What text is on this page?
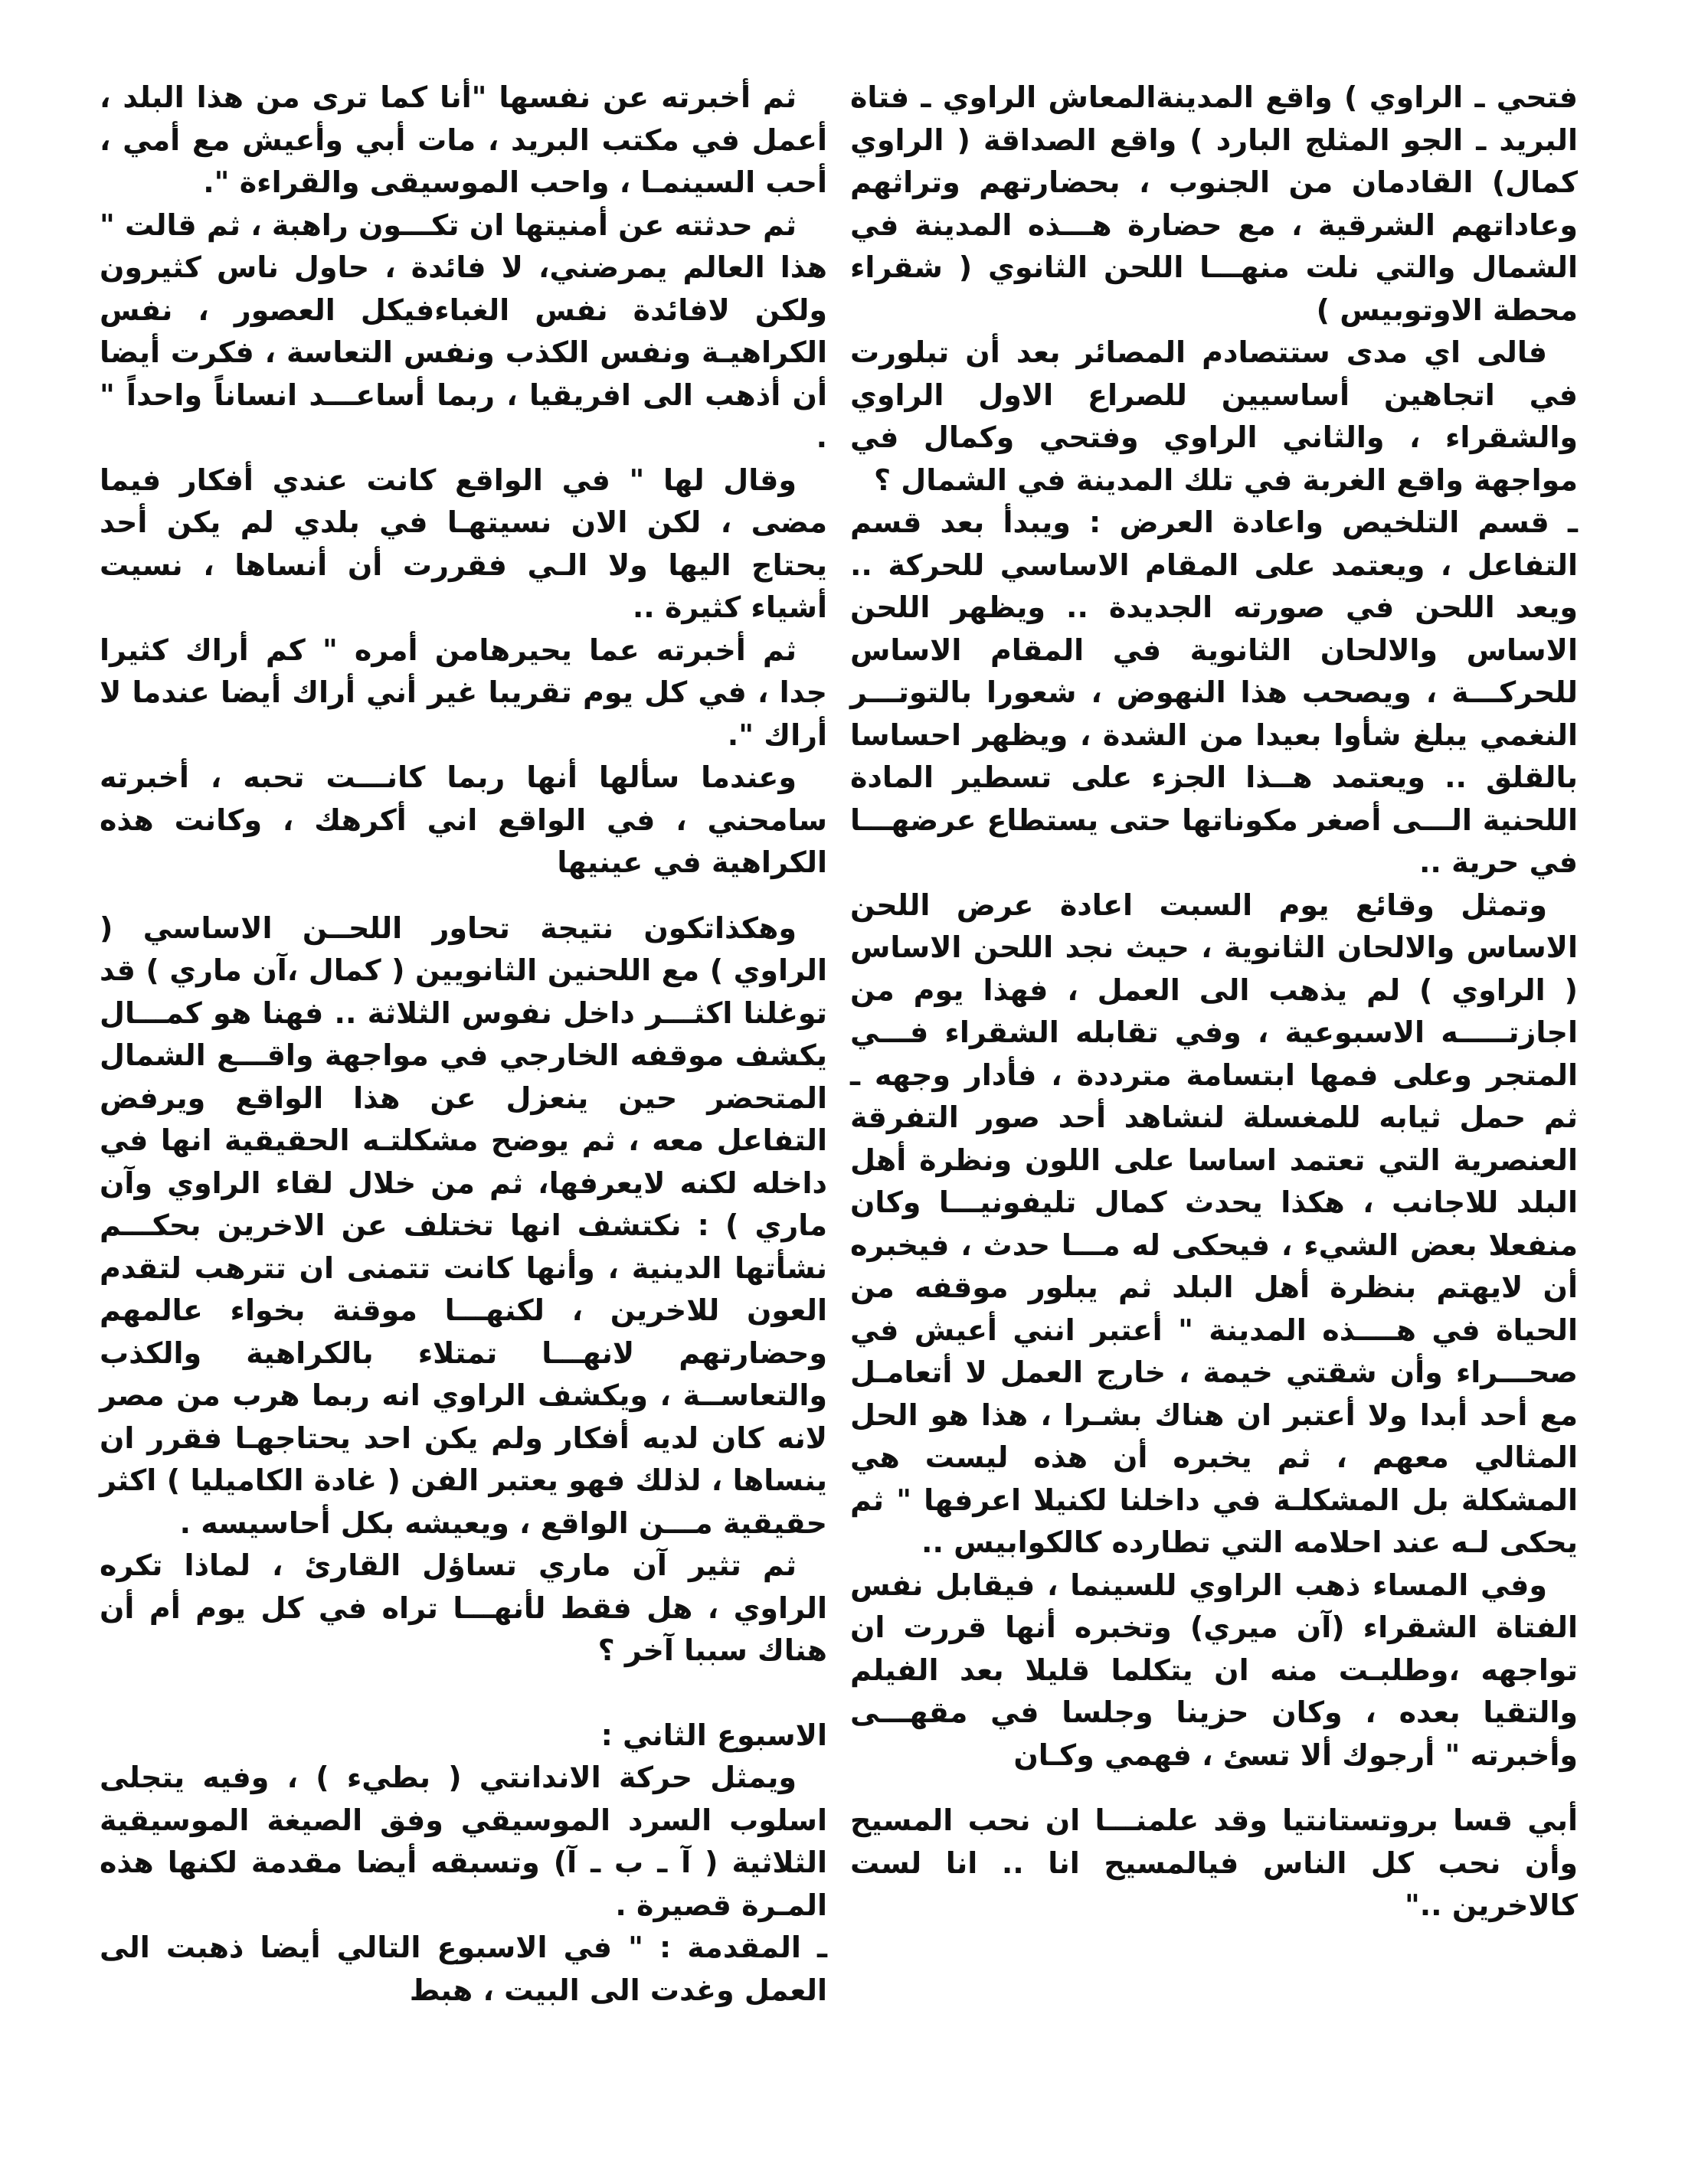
فتحي ـ الراوي ) واقع المدينةالمعاش الراوي ـ فتاة البريد ـ الجو المثلج البارد ) واقع الصداقة ( الراوي كمال) القادمان من الجنوب ، بحضارتهم وتراثهم وعاداتهم الشرقية ، مع حضارة هـــذه المدينة في الشمال والتي نلت منهـــا اللحن الثانوي ( شقراء محطة الاوتوبيس )

فالى اي مدى ستتصادم المصائر بعد أن تبلورت في اتجاهين أساسيين للصراع الاول الراوي والشقراء ، والثاني الراوي وفتحي وكمال في مواجهة واقع الغربة في تلك المدينة في الشمال ؟

ـ قسم التلخيص واعادة العرض : ويبدأ بعد قسم التفاعل ، ويعتمد على المقام الاساسي للحركة .. ويعد اللحن في صورته الجديدة .. ويظهر اللحن الاساس والالحان الثانوية في المقام الاساس للحركـــة ، ويصحب هذا النهوض ، شعورا بالتوتـــر النغمي يبلغ شأوا بعيدا من الشدة ، ويظهر احساسا بالقلق .. ويعتمد هــذا الجزء على تسطير المادة اللحنية الـــى أصغر مكوناتها حتى يستطاع عرضهـــا في حرية ..

وتمثل وقائع يوم السبت اعادة عرض اللحن الاساس والالحان الثانوية ، حيث نجد اللحن الاساس ( الراوي ) لم يذهب الى العمل ، فهذا يوم من اجازتـــــه الاسبوعية ، وفي تقابله الشقراء فـــي المتجر وعلى فمها ابتسامة مترددة ، فأدار وجهه ـ ثم حمل ثيابه للمغسلة لنشاهد أحد صور التفرقة العنصرية التي تعتمد اساسا على اللون ونظرة أهل البلد للاجانب ، هكذا يحدث كمال تليفونيـــا وكان منفعلا بعض الشيء ، فيحكى له مـــا حدث ، فيخبره أن لايهتم بنظرة أهل البلد ثم يبلور موقفه من الحياة في هــــذه المدينة " أعتبر انني أعيش في صحـــراء وأن شقتي خيمة ، خارج العمل لا أتعامـل مع أحد أبدا ولا أعتبر ان هناك بشـرا ، هذا هو الحل المثالي معهم ، ثم يخبره أن هذه ليست هي المشكلة بل المشكلـة في داخلنا لكنيلا اعرفها " ثم يحكى لـه عند احلامه التي تطارده كالكوابيس ..

وفي المساء ذهب الراوي للسينما ، فيقابل نفس الفتاة الشقراء (آن ميري) وتخبره أنها قررت ان تواجهه ،وطلبـت منه ان يتكلما قليلا بعد الفيلم والتقيا بعده ، وكان حزينا وجلسا في مقهـــى وأخبرته " أرجوك ألا تسئ ، فهمي وكـان

أبي قسا بروتستانتيا وقد علمنـــا ان نحب المسيح وأن نحب كل الناس فيالمسيح انا .. انا لست كالاخرين .."

ثم أخبرته عن نفسها "أنا كما ترى من هذا البلد ، أعمل في مكتب البريد ، مات أبي وأعيش مع أمي ، أحب السينمـا ، واحب الموسيقى والقراءة ".

ثم حدثته عن أمنيتها ان تكـــون راهبة ، ثم قالت " هذا العالم يمرضني، لا فائدة ، حاول ناس كثيرون ولكن لافائدة نفس الغباءفيكل العصور ، نفس الكراهيـة ونفس الكذب ونفس التعاسة ، فكرت أيضا أن أذهب الى افريقيا ، ربما أساعـــد انساناً واحداً " .

وقال لها " في الواقع كانت عندي أفكار فيما مضى ، لكن الان نسيتهـا في بلدي لم يكن أحد يحتاج اليها ولا الـي فقررت أن أنساها ، نسيت أشياء كثيرة ..

ثم أخبرته عما يحيرهامن أمره " كم أراك كثيرا جدا ، في كل يوم تقريبا غير أني أراك أيضا عندما لا أراك ".

وعندما سألها أنها ربما كانـــت تحبه ، أخبرته سامحني ، في الواقع اني أكرهك ، وكانت هذه الكراهية في عينيها

وهكذاتكون نتيجة تحاور اللحــن الاساسي ( الراوي ) مع اللحنين الثانويين ( كمال ،آن ماري ) قد توغلنا اكثـــر داخل نفوس الثلاثة .. فهنا هو كمـــال يكشف موقفه الخارجي في مواجهة واقـــع الشمال المتحضر حين ينعزل عن هذا الواقع ويرفض التفاعل معه ، ثم يوضح مشكلتـه الحقيقية انها في داخله لكنه لايعرفها، ثم من خلال لقاء الراوي وآن ماري ) : نكتشف انها تختلف عن الاخرين بحكـــم نشأتها الدينية ، وأنها كانت تتمنى ان تترهب لتقدم العون للاخرين ، لكنهـــا موقنة بخواء عالمهم وحضارتهم لانهـــا تمتلاء بالكراهية والكذب والتعاســة ، ويكشف الراوي انه ربما هرب من مصر لانه كان لديه أفكار ولم يكن احد يحتاجهـا فقرر ان ينساها ، لذلك فهو يعتبر الفن ( غادة الكاميليا ) اكثر حقيقية مـــن الواقع ، ويعيشه بكل أحاسيسه .

ثم تثير آن ماري تساؤل القارئ ، لماذا تكره الراوي ، هل فقط لأنهـــا تراه في كل يوم أم أن هناك سببا آخر ؟

الاسبوع الثاني :

ويمثل حركة الاندانتي ( بطيء ) ، وفيه يتجلى اسلوب السرد الموسيقي وفق الصيغة الموسيقية الثلاثية ( آ ـ ب ـ آ) وتسبقه أيضا مقدمة لكنها هذه المـرة قصيرة .

ـ المقدمة : " في الاسبوع التالي أيضا ذهبت الى العمل وغدت الى البيت ، هبط
